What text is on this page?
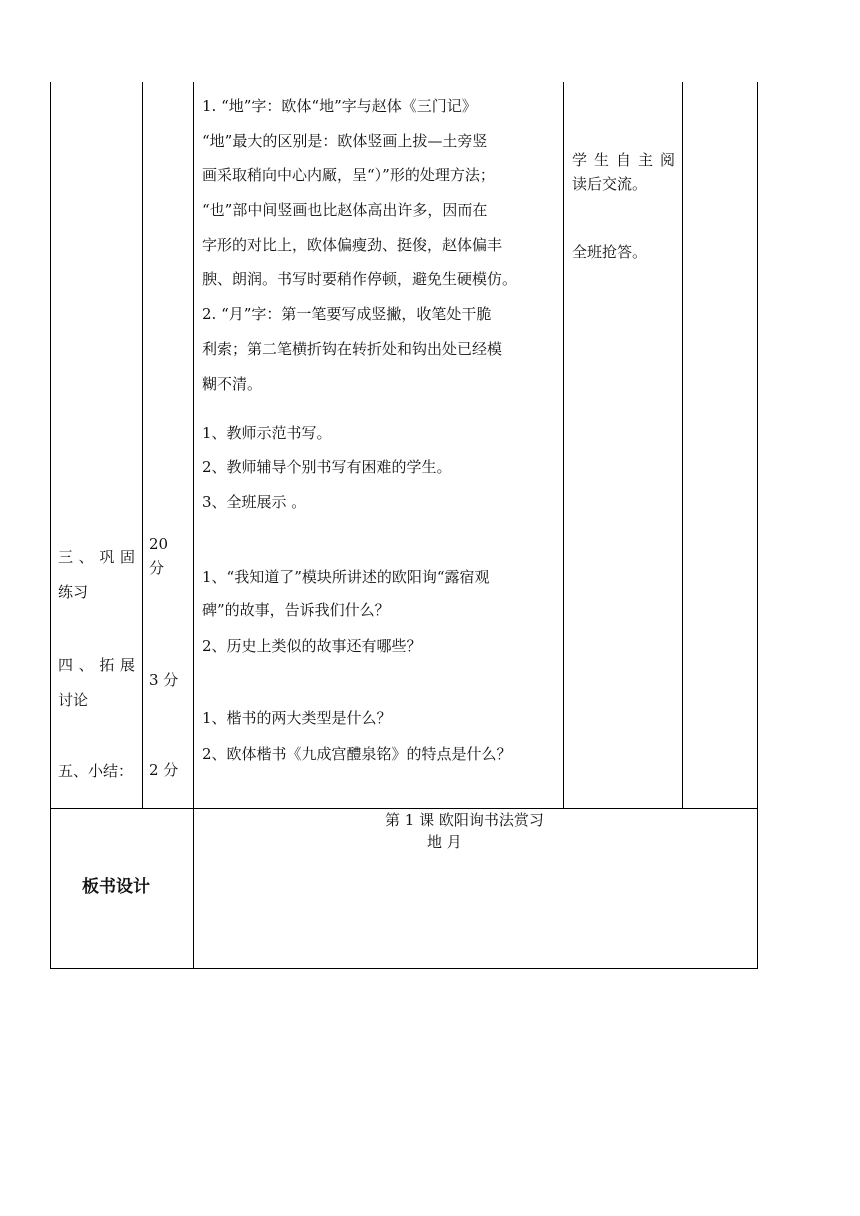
1. “地”字：欧体“地”字与赵体《三门记》
“地”最大的区别是：欧体竖画上拔—土旁竖
画采取稍向中心内厰，呈“）”形的处理方法；
“也”部中间竖画也比赵体高出许多，因而在
字形的对比上，欧体偏瘦劲、挺俊，赵体偏丰
腴、朗润。书写时要稍作停顿，避免生硬模仿。
2. “月”字：第一笔要写成竖撇，收笔处干脆
利索；第二笔横折钩在转折处和钩出处已经模
糊不清。
1、教师示范书写。
2、教师辅导个别书写有困难的学生。
3、全班展示 。
1、“我知道了”模块所讲述的欧阳询“露宿观
碑”的故事，告诉我们什么？
2、历史上类似的故事还有哪些？
1、楷书的两大类型是什么？
2、欧体楷书《九成宫醴泉铭》的特点是什么？
学生自主阅
读后交流。
全班抢答。
三、巩固
练习
四、拓展
讨论
五、小结：
20
分
3 分
2 分
板书设计
第 1 课 欧阳询书法赏习
地 月
